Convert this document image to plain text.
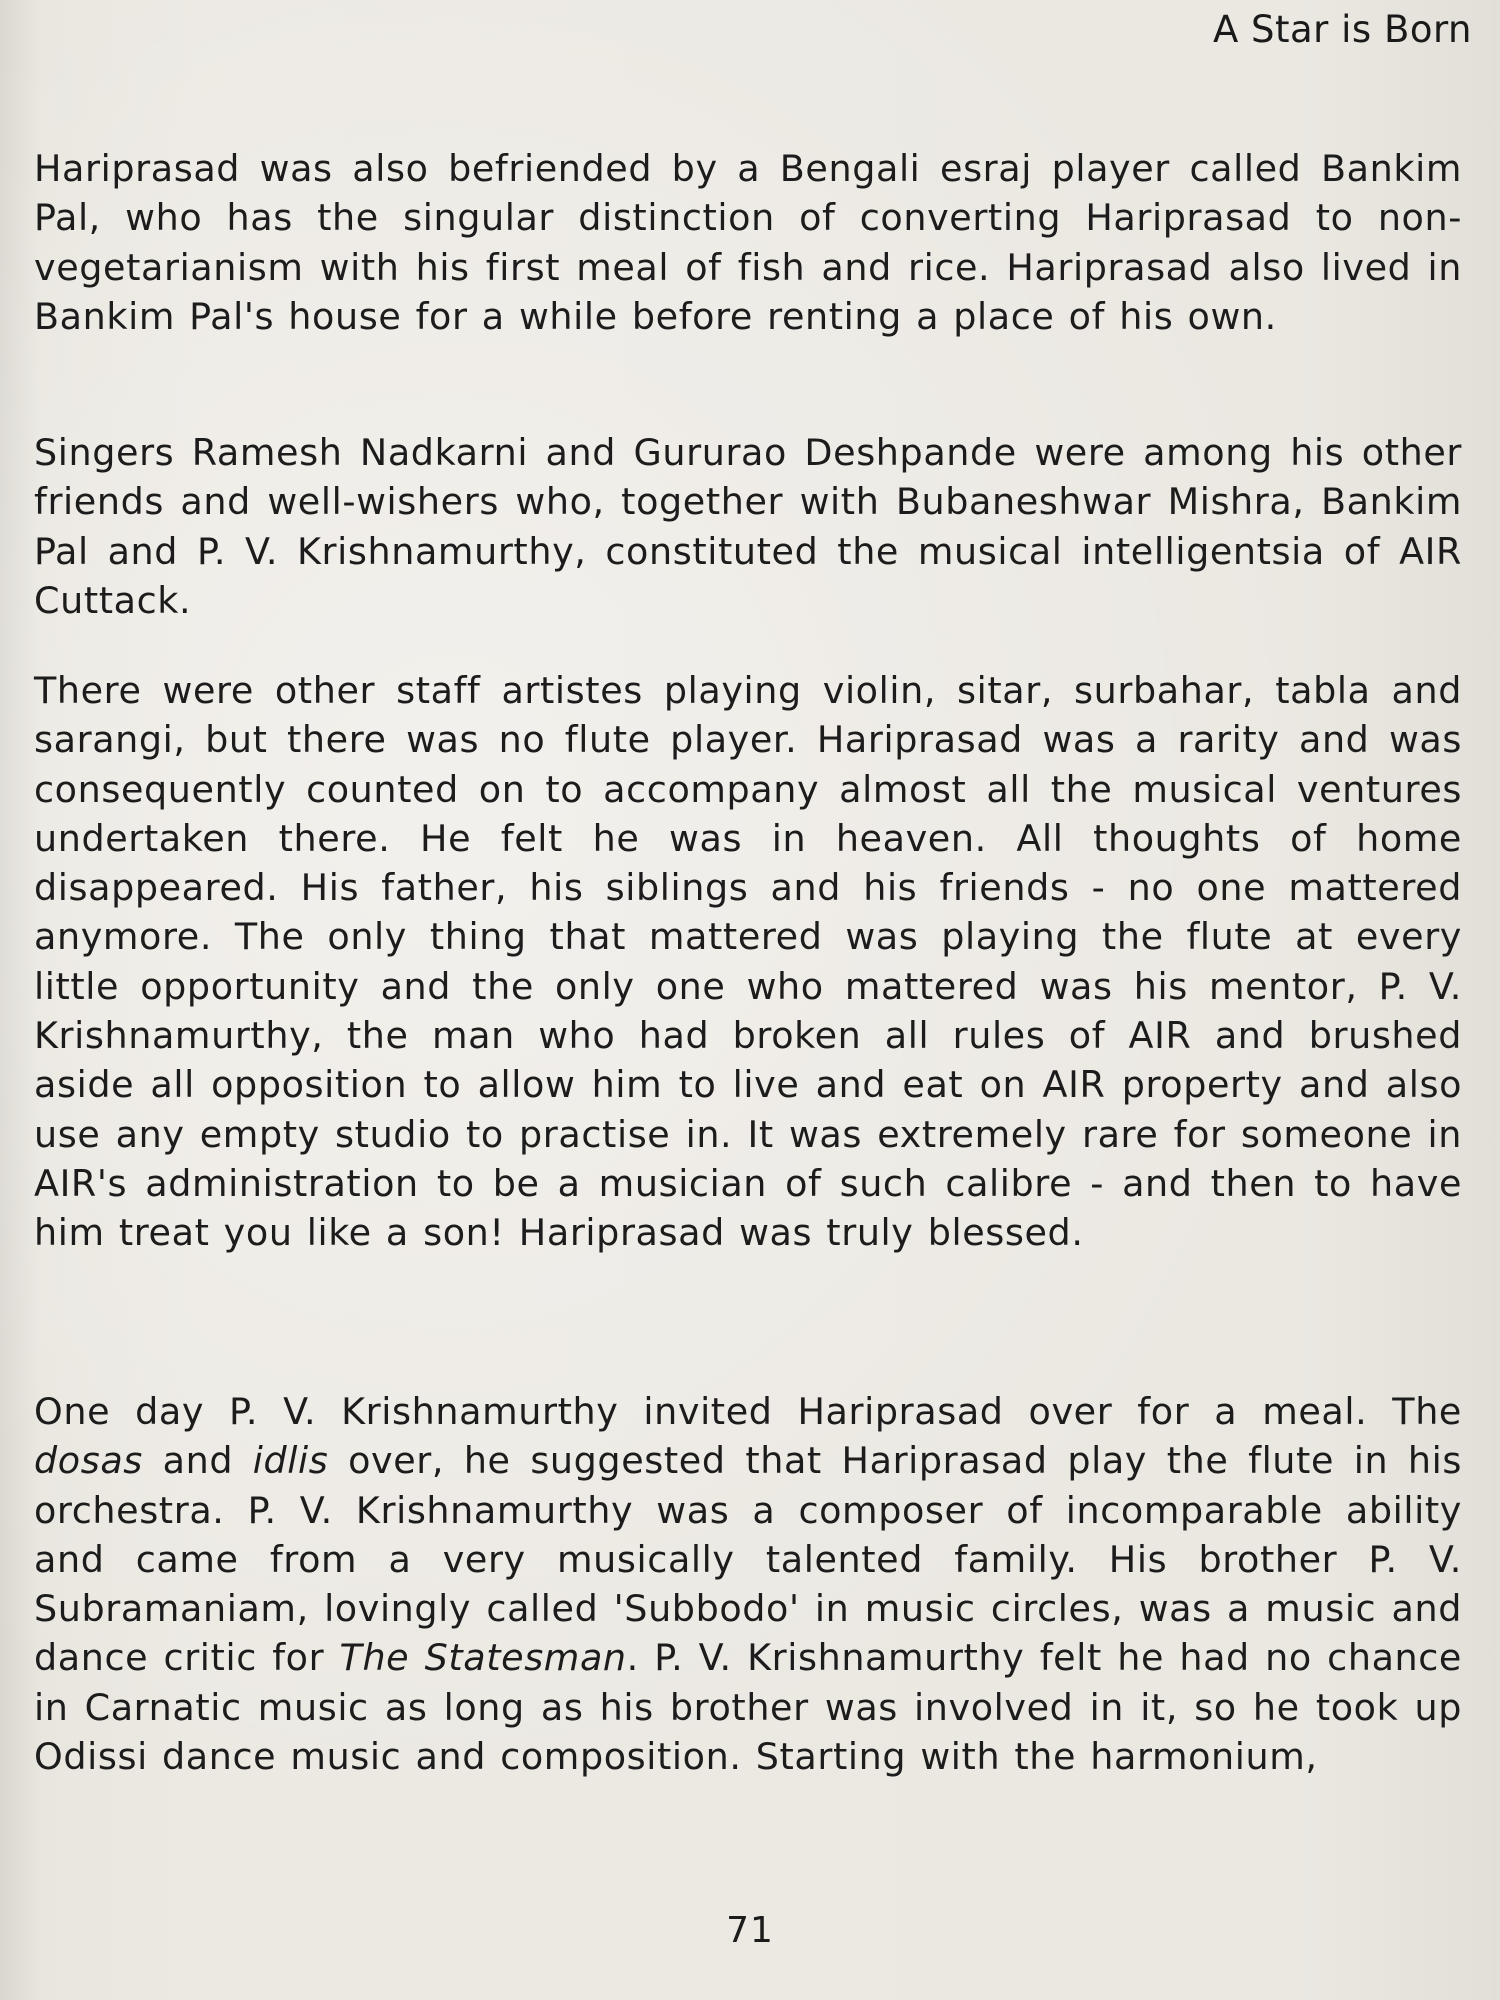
A Star is Born

Hariprasad was also befriended by a Bengali esraj player called Bankim Pal, who has the singular distinction of converting Hariprasad to non-vegetarianism with his first meal of fish and rice. Hariprasad also lived in Bankim Pal's house for a while before renting a place of his own.

Singers Ramesh Nadkarni and Gururao Deshpande were among his other friends and well-wishers who, together with Bubaneshwar Mishra, Bankim Pal and P. V. Krishnamurthy, constituted the musical intelligentsia of AIR Cuttack.

There were other staff artistes playing violin, sitar, surbahar, tabla and sarangi, but there was no flute player. Hariprasad was a rarity and was consequently counted on to accompany almost all the musical ventures undertaken there. He felt he was in heaven. All thoughts of home disappeared. His father, his siblings and his friends - no one mattered anymore. The only thing that mattered was playing the flute at every little opportunity and the only one who mattered was his mentor, P. V. Krishnamurthy, the man who had broken all rules of AIR and brushed aside all opposition to allow him to live and eat on AIR property and also use any empty studio to practise in. It was extremely rare for someone in AIR's administration to be a musician of such calibre - and then to have him treat you like a son! Hariprasad was truly blessed.

One day P. V. Krishnamurthy invited Hariprasad over for a meal. The dosas and idlis over, he suggested that Hariprasad play the flute in his orchestra. P. V. Krishnamurthy was a composer of incomparable ability and came from a very musically talented family. His brother P. V. Subramaniam, lovingly called 'Subbodo' in music circles, was a music and dance critic for The Statesman. P. V. Krishnamurthy felt he had no chance in Carnatic music as long as his brother was involved in it, so he took up Odissi dance music and composition. Starting with the harmonium,

71
